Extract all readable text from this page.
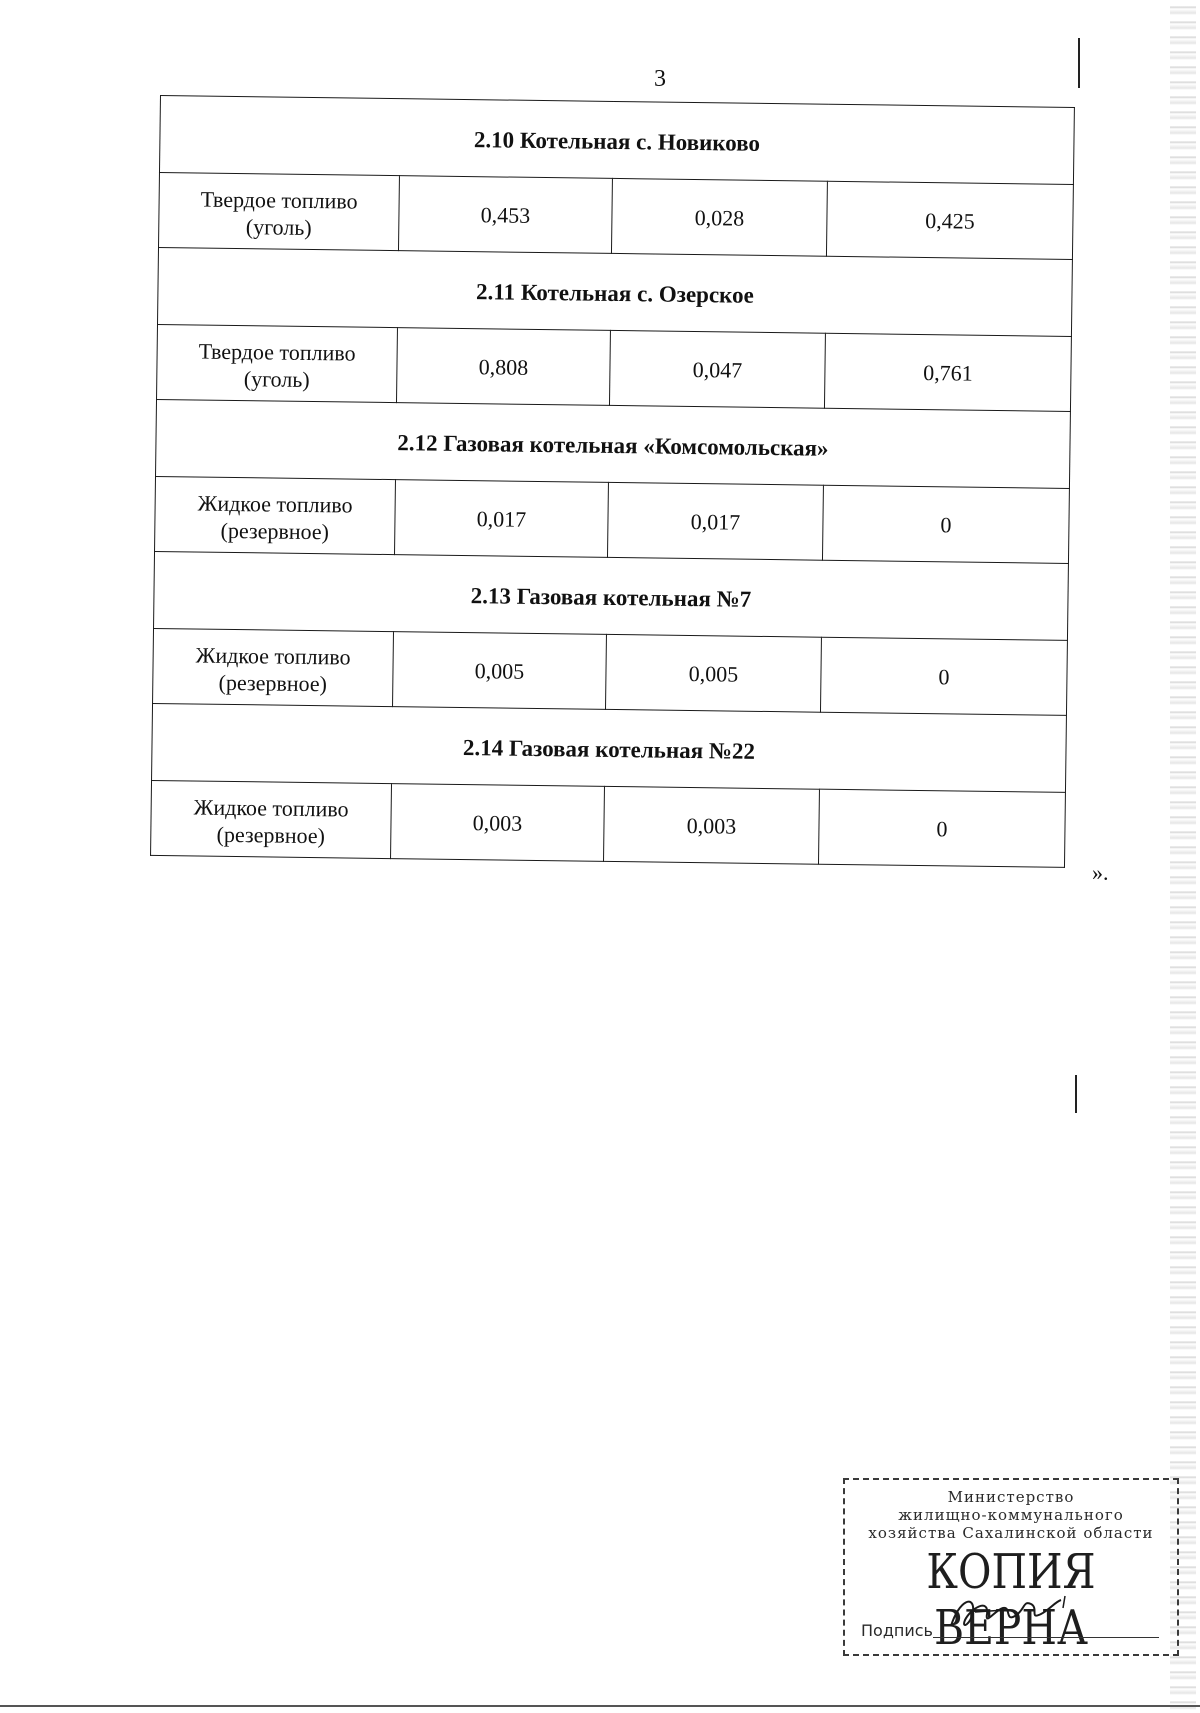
3
2.10 Котельная с. Новиково			
Твердое топливо
(уголь)	0,453	0,028	0,425
2.11 Котельная с. Озерское			
Твердое топливо
(уголь)	0,808	0,047	0,761
2.12 Газовая котельная «Комсомольская»			
Жидкое топливо
(резервное)	0,017	0,017	0
2.13 Газовая котельная №7			
Жидкое топливо
(резервное)	0,005	0,005	0
2.14 Газовая котельная №22			
Жидкое топливо
(резервное)	0,003	0,003	0
».
Министерство
жилищно-коммунального
хозяйства Сахалинской области
КОПИЯ ВЕРНА
Подпись
